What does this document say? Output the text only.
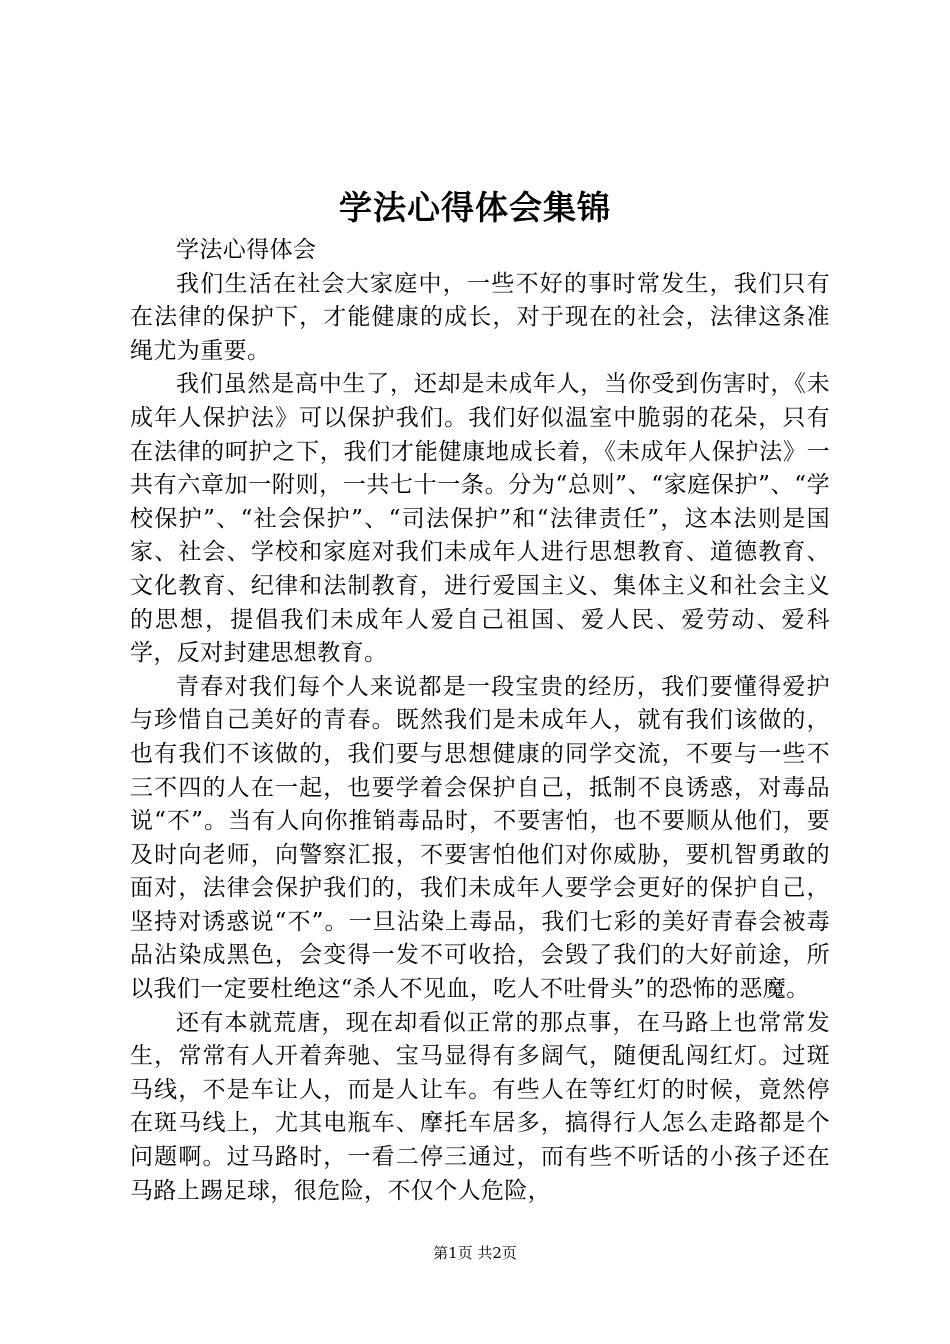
学法心得体会集锦

学法心得体会

我们生活在社会大家庭中，一些不好的事时常发生，我们只有在法律的保护下，才能健康的成长，对于现在的社会，法律这条准绳尤为重要。

我们虽然是高中生了，还却是未成年人，当你受到伤害时，《未成年人保护法》可以保护我们。我们好似温室中脆弱的花朵，只有在法律的呵护之下，我们才能健康地成长着，《未成年人保护法》一共有六章加一附则，一共七十一条。分为“总则”、“家庭保护”、“学校保护”、“社会保护”、“司法保护”和“法律责任”，这本法则是国家、社会、学校和家庭对我们未成年人进行思想教育、道德教育、文化教育、纪律和法制教育，进行爱国主义、集体主义和社会主义的思想，提倡我们未成年人爱自己祖国、爱人民、爱劳动、爱科学，反对封建思想教育。

青春对我们每个人来说都是一段宝贵的经历，我们要懂得爱护与珍惜自己美好的青春。既然我们是未成年人，就有我们该做的，也有我们不该做的，我们要与思想健康的同学交流，不要与一些不三不四的人在一起，也要学着会保护自己，抵制不良诱惑，对毒品说“不”。当有人向你推销毒品时，不要害怕，也不要顺从他们，要及时向老师，向警察汇报，不要害怕他们对你威胁，要机智勇敢的面对，法律会保护我们的，我们未成年人要学会更好的保护自己，坚持对诱惑说“不”。一旦沾染上毒品，我们七彩的美好青春会被毒品沾染成黑色，会变得一发不可收拾，会毁了我们的大好前途，所以我们一定要杜绝这“杀人不见血，吃人不吐骨头”的恐怖的恶魔。

还有本就荒唐，现在却看似正常的那点事，在马路上也常常发生，常常有人开着奔驰、宝马显得有多阔气，随便乱闯红灯。过斑马线，不是车让人，而是人让车。有些人在等红灯的时候，竟然停在斑马线上，尤其电瓶车、摩托车居多，搞得行人怎么走路都是个问题啊。过马路时，一看二停三通过，而有些不听话的小孩子还在马路上踢足球，很危险，不仅个人危险，

第1页 共2页
